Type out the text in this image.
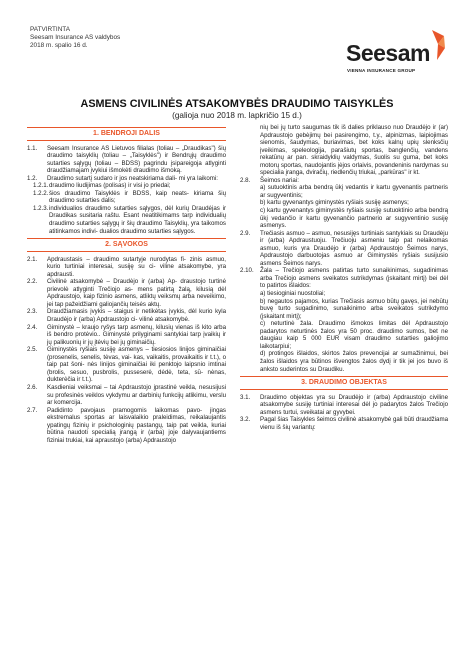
PATVIRTINTA
Seesam Insurance AS valdybos
2018 m. spalio 16 d.	Seesam
VIENNA INSURANCE GROUP
ASMENS CIVILINĖS ATSAKOMYBĖS DRAUDIMO TAISYKLĖS
(galioja nuo 2018 m. lapkričio 15 d.)
1. BENDROJI DALIS
1.1.	Seesam Insurance AS Lietuvos filialas (toliau – „Draudikas") šių draudimo taisyklių (toliau – „Taisyklės") ir Bendrųjų draudimo sutarties sąlygų (toliau – BDSS) pagrindu įsipareigoja atlyginti draudžiamajam įvykiui išmokėti draudimo išmoką.
1.2.	Draudimo sutartį sudaro ir jos neatskiriama dali- mi yra laikomi:
1.2.1. draudimo liudijimas (polisas) ir visi jo priedai;
1.2.2. šios draudimo Taisyklės ir BDSS, kaip neats- kiriama šių draudimo sutarties dalis;
1.2.3. individualios draudimo sutarties sąlygos, dėl kurių Draudėjas ir Draudikas susitaria raštu. Esant neatitikimams tarp individualių draudimo sutarties sąlygų ir šių draudimo Taisyklių, yra taikomos atitinkamos indivi- dualios draudimo sutarties sąlygos.
2. SĄVOKOS
2.1.	Apdraustasis – draudimo sutartyje nurodytas fi- zinis asmuo, kurio turtiniai interesai, susiję su ci- viline atsakomybe, yra apdrausti.
2.2.	Civilinė atsakomybė – Draudėjo ir (arba) Ap- draustojo turtinė prievolė atlyginti Trečiojo as- mens patirtą žalą, kilusią dėl Apdraustojo, kaip fizinio asmens, atliktų veiksmų arba neveikimo, jei tap pažeidžiami galiojančių teisės aktų.
2.3.	Draudžiamasis įvykis – staigus ir netikėtas įvykis, dėl kurio kyla Draudėjo ir (arba) Apdraustojo ci- vilinė atsakomybė.
2.4.	Giminystė – kraujo ryšys tarp asmenų, kilusių vienas iš kito arba iš bendro protėvio.. Giminystė prilyginami santykiai tarp įvaikių ir jų palikuonių ir jų įtėvių bei jų giminaičių.
2.5.	Giminystės ryšiais susiję asmenys – tiesiosios linijos giminaičiai (prosenelis, senelis, tėvas, vai- kas, vaikaitis, provaikaitis ir t.t.), o taip pat šoni- nės linijos giminaičiai iki penktojo laipsnio imtinai (brolis, sesuo, pusbrolis, pusseserė, dėdė, teta, sū- nėnas, dukterėčia ir t.t.).
2.6.	Kasdieniai veiksmai – tai Apdraustojo įprastinė veikla, nesusijusi su profesinės veiklos vykdymu ar darbinių funkcijų atlikimu, verslu ar komercija.
2.7.	Padidinto pavojaus pramogomis laikomas pavo- jingas ekstremalus sportas ar laisvalaikio praleidimas, reikalaujantis ypatingų fizinių ir psichologinių pastangų, taip pat veikla, kuriai būtina naudoti specialią įrangą ir (arba) joje dalyvaujantiems fiziniai trukiai, kai apraustojo (arba) Apdraustojo
nių bei jų turto saugumas tik iš dalies priklauso nuo Draudėjo ir (ar) Apdraustojo gebėjimų bei pasirengimo, t.y., alpinizmas, laipiojimas sienomis, šaudymas, buriavimas, bet koks kalnų upių slenksčių įveikimas, speleologija, parašiutų sportas, banglenčių, vandens rekatūnų ar pan. skraidyklių valdymas, šuolis su guma, bet koks motorų sportas, naudojantis įėjos orlaivis, povandeninis nardymas su specialia įranga, dviračių, riedlenčių triukai, „parkūras" ir kt.
2.8.	Šeimos nariai:
a) sutuoktinis arba bendrą ūkį vedantis ir kartu gyvenantis partneris ar sugyventinis;
b) kartu gyvenantys giminystės ryšiais susiję asmenys;
c) kartu gyvenantys giminystės ryšiais susiję sutuoktinio arba bendrą ūkį vedančio ir kartu gyvenančio partnerio ar sugyventinio susiję asmenys.
2.9.	Trečiasis asmuo – asmuo, nesusijęs turtiniais santykiais su Draudėju ir (arba) Apdraustuoju. Trečiuoju asmeniu taip pat nelaikomas asmuo, kuris yra Draudėjo ir (arba) Apdraustojo Šeimos narys, Apdraustojo darbuotojas asmuo ar Giminystės ryšiais susijusio asmens Šeimos narys.
2.10.	Žala – Trečiojo asmens patirtas turto sunaikinimas, sugadinimas arba Trečiojo asmens sveikatos sutrikdymas (įskaitant mirtį) bei dėl to patirtos išlaidos:
a) tiesioginiai nuostoliai;
b) negautos pajamos, kurias Trečiasis asmuo būtų gavęs, jei nebūtų buvę turto sugadinimo, sunaikinimo arba sveikatos sutrikdymo (įskaitant mirtį);
c) neturtinė žala. Draudimo išmokos limitas dėl Apdraustojo padarytos neturtinės žalos yra 50 proc. draudimo sumos, bet ne daugiau kaip 5 000 EUR visam draudimo sutarties galiojimo laikotarpiui;
d) protingos išlaidos, skirtos žalos prevencijai ar sumažinimui, bei žalos išlaidos yra būtinos išvengtos žalos dydį ir tik jei jos buvo iš anksto suderintos su Draudiku.
3. DRAUDIMO OBJEKTAS
3.1.	Draudimo objektas yra su Draudėjo ir (arba) Apdraustojo civiline atsakomybe susiję turtiniai interesai dėl jo padarytos žalos Trečiojo asmens turtui, sveikatai ar gyvybei.
3.2.	Pagal šias Taisykles šeimos civilinė atsakomybė gali būti draudžiama vienu iš šių variantų:
